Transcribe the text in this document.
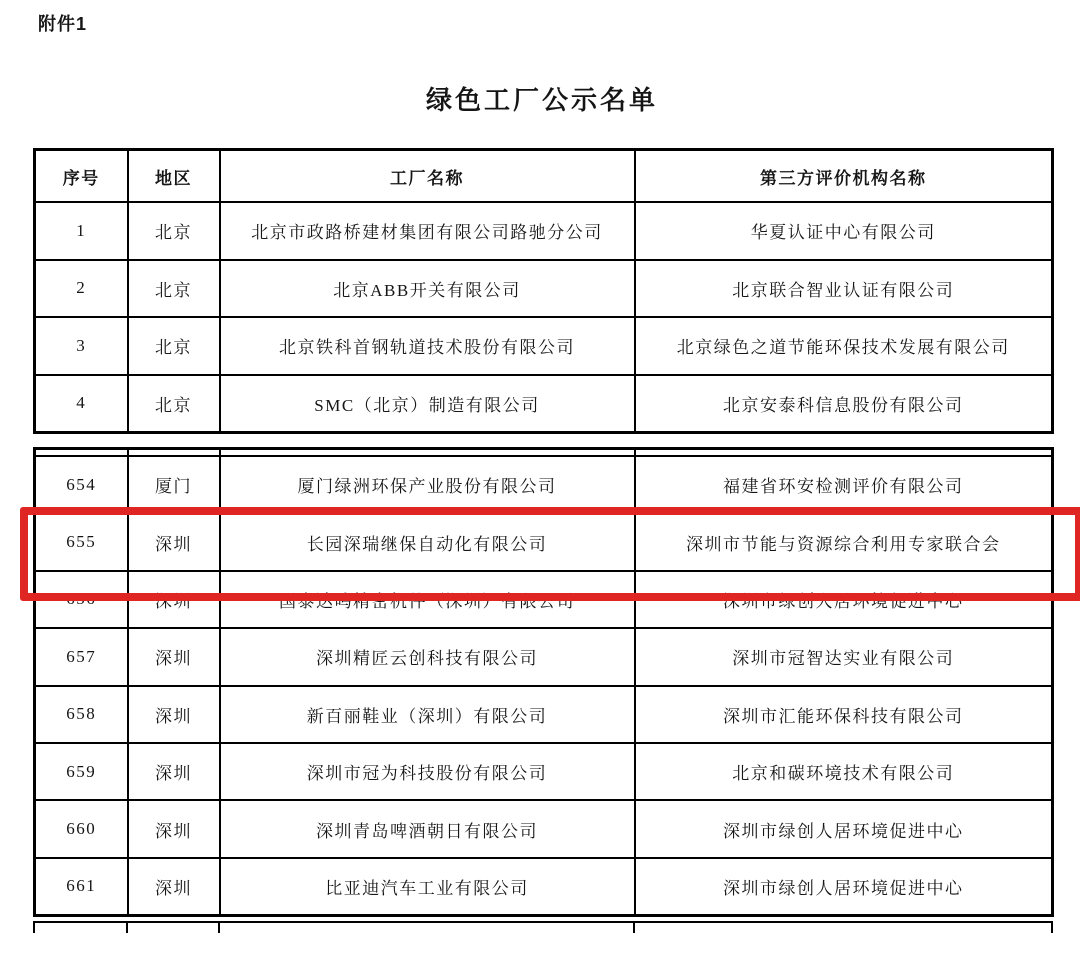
附件1
绿色工厂公示名单
序号	地区	工厂名称	第三方评价机构名称
1	北京	北京市政路桥建材集团有限公司路驰分公司	华夏认证中心有限公司
2	北京	北京ABB开关有限公司	北京联合智业认证有限公司
3	北京	北京铁科首钢轨道技术股份有限公司	北京绿色之道节能环保技术发展有限公司
4	北京	SMC（北京）制造有限公司	北京安泰科信息股份有限公司

654	厦门	厦门绿洲环保产业股份有限公司	福建省环安检测评价有限公司
655	深圳	长园深瑞继保自动化有限公司	深圳市节能与资源综合利用专家联合会
656	深圳	国泰达鸣精密机件（深圳）有限公司	深圳市绿创人居环境促进中心
657	深圳	深圳精匠云创科技有限公司	深圳市冠智达实业有限公司
658	深圳	新百丽鞋业（深圳）有限公司	深圳市汇能环保科技有限公司
659	深圳	深圳市冠为科技股份有限公司	北京和碳环境技术有限公司
660	深圳	深圳青岛啤酒朝日有限公司	深圳市绿创人居环境促进中心
661	深圳	比亚迪汽车工业有限公司	深圳市绿创人居环境促进中心
